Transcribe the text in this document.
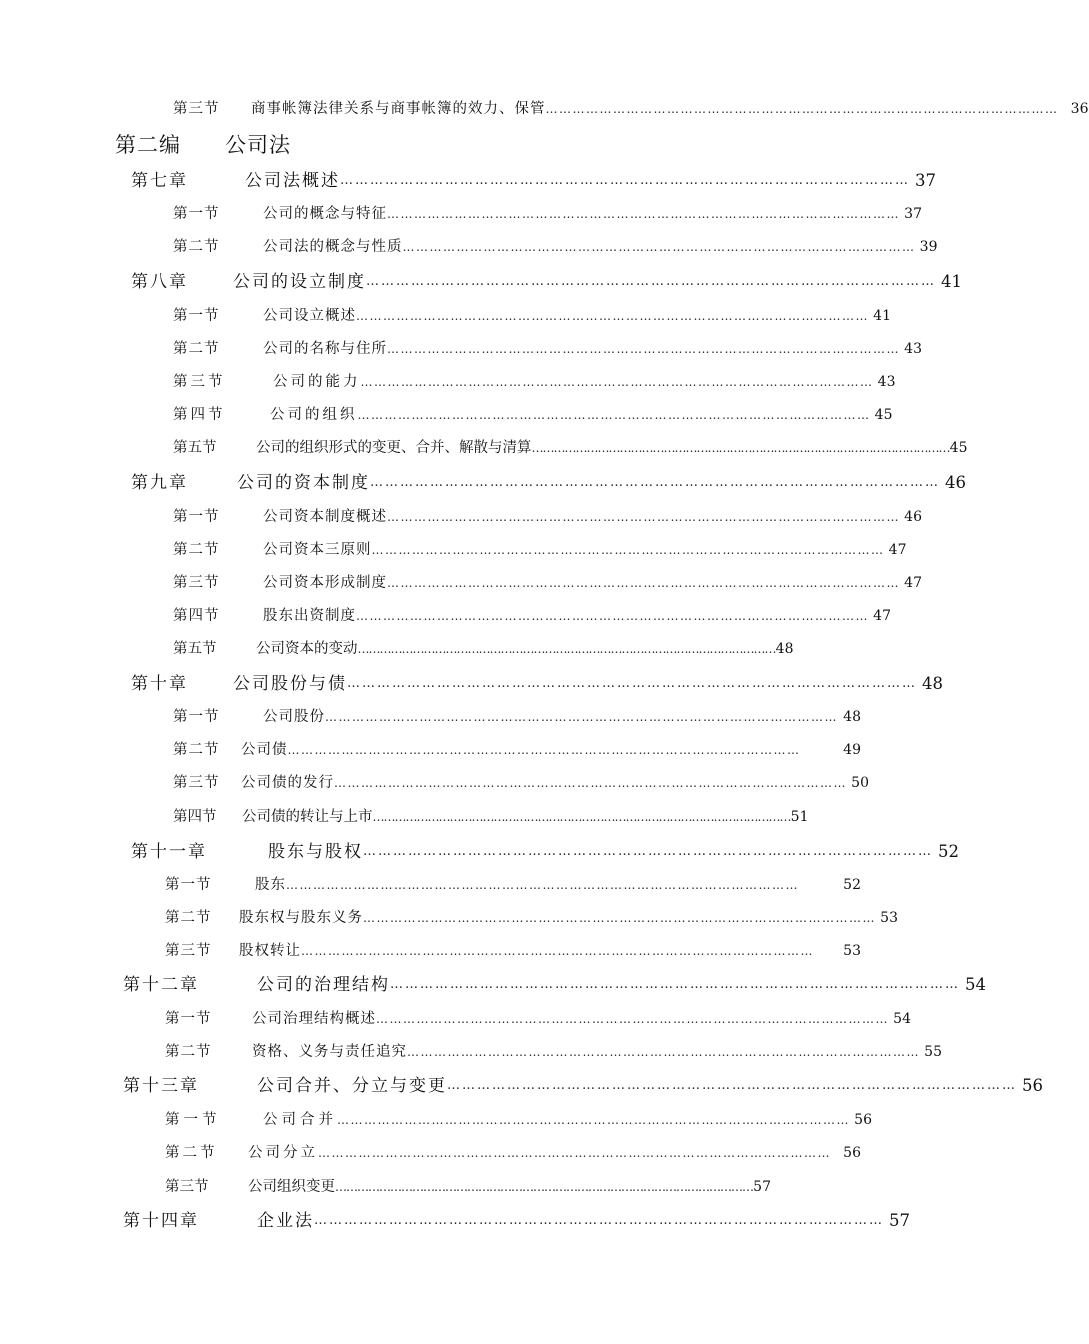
第三节	商事帐簿法律关系与商事帐簿的效力、保管 …………………………………………………………………………………………………… 36
第二编	公司法
第七章	公司法概述 …………………………………………………………………………………………………… 37
第一节	公司的概念与特征 …………………………………………………………………………………………………… 37
第二节	公司法的概念与性质 …………………………………………………………………………………………………… 39
第八章	公司的设立制度 …………………………………………………………………………………………………… 41
第一节	公司设立概述 …………………………………………………………………………………………………… 41
第二节	公司的名称与住所 …………………………………………………………………………………………………… 43
第三节	公司的能力 …………………………………………………………………………………………………… 43
第四节	公司的组织 …………………………………………………………………………………………………… 45
第五节	公司的组织形式的变更、合并、解散与清算 …………………………………………………………………………………………………… 45
第九章	公司的资本制度 …………………………………………………………………………………………………… 46
第一节	公司资本制度概述 …………………………………………………………………………………………………… 46
第二节	公司资本三原则 …………………………………………………………………………………………………… 47
第三节	公司资本形成制度 …………………………………………………………………………………………………… 47
第四节	股东出资制度 …………………………………………………………………………………………………… 47
第五节	公司资本的变动 …………………………………………………………………………………………………… 48
第十章	公司股份与债 …………………………………………………………………………………………………… 48
第一节	公司股份 …………………………………………………………………………………………………… 48
第二节	公司债 ……………………………………………………………………………………………………	49
第三节	公司债的发行 …………………………………………………………………………………………………… 50
第四节	公司债的转让与上市 …………………………………………………………………………………………………… 51
第十一章	股东与股权 …………………………………………………………………………………………………… 52
第一节	股东 ……………………………………………………………………………………………………	52
第二节	股东权与股东义务 …………………………………………………………………………………………………… 53
第三节	股权转让 ……………………………………………………………………………………………………	53
第十二章	公司的治理结构 …………………………………………………………………………………………………… 54
第一节	公司治理结构概述 …………………………………………………………………………………………………… 54
第二节	资格、义务与责任追究 …………………………………………………………………………………………………… 55
第十三章	公司合并、分立与变更 …………………………………………………………………………………………………… 56
第一节	公司合并 …………………………………………………………………………………………………… 56
第二节	公司分立 …………………………………………………………………………………………………… 56
第三节	公司组织变更 …………………………………………………………………………………………………… 57
第十四章	企业法 …………………………………………………………………………………………………… 57
